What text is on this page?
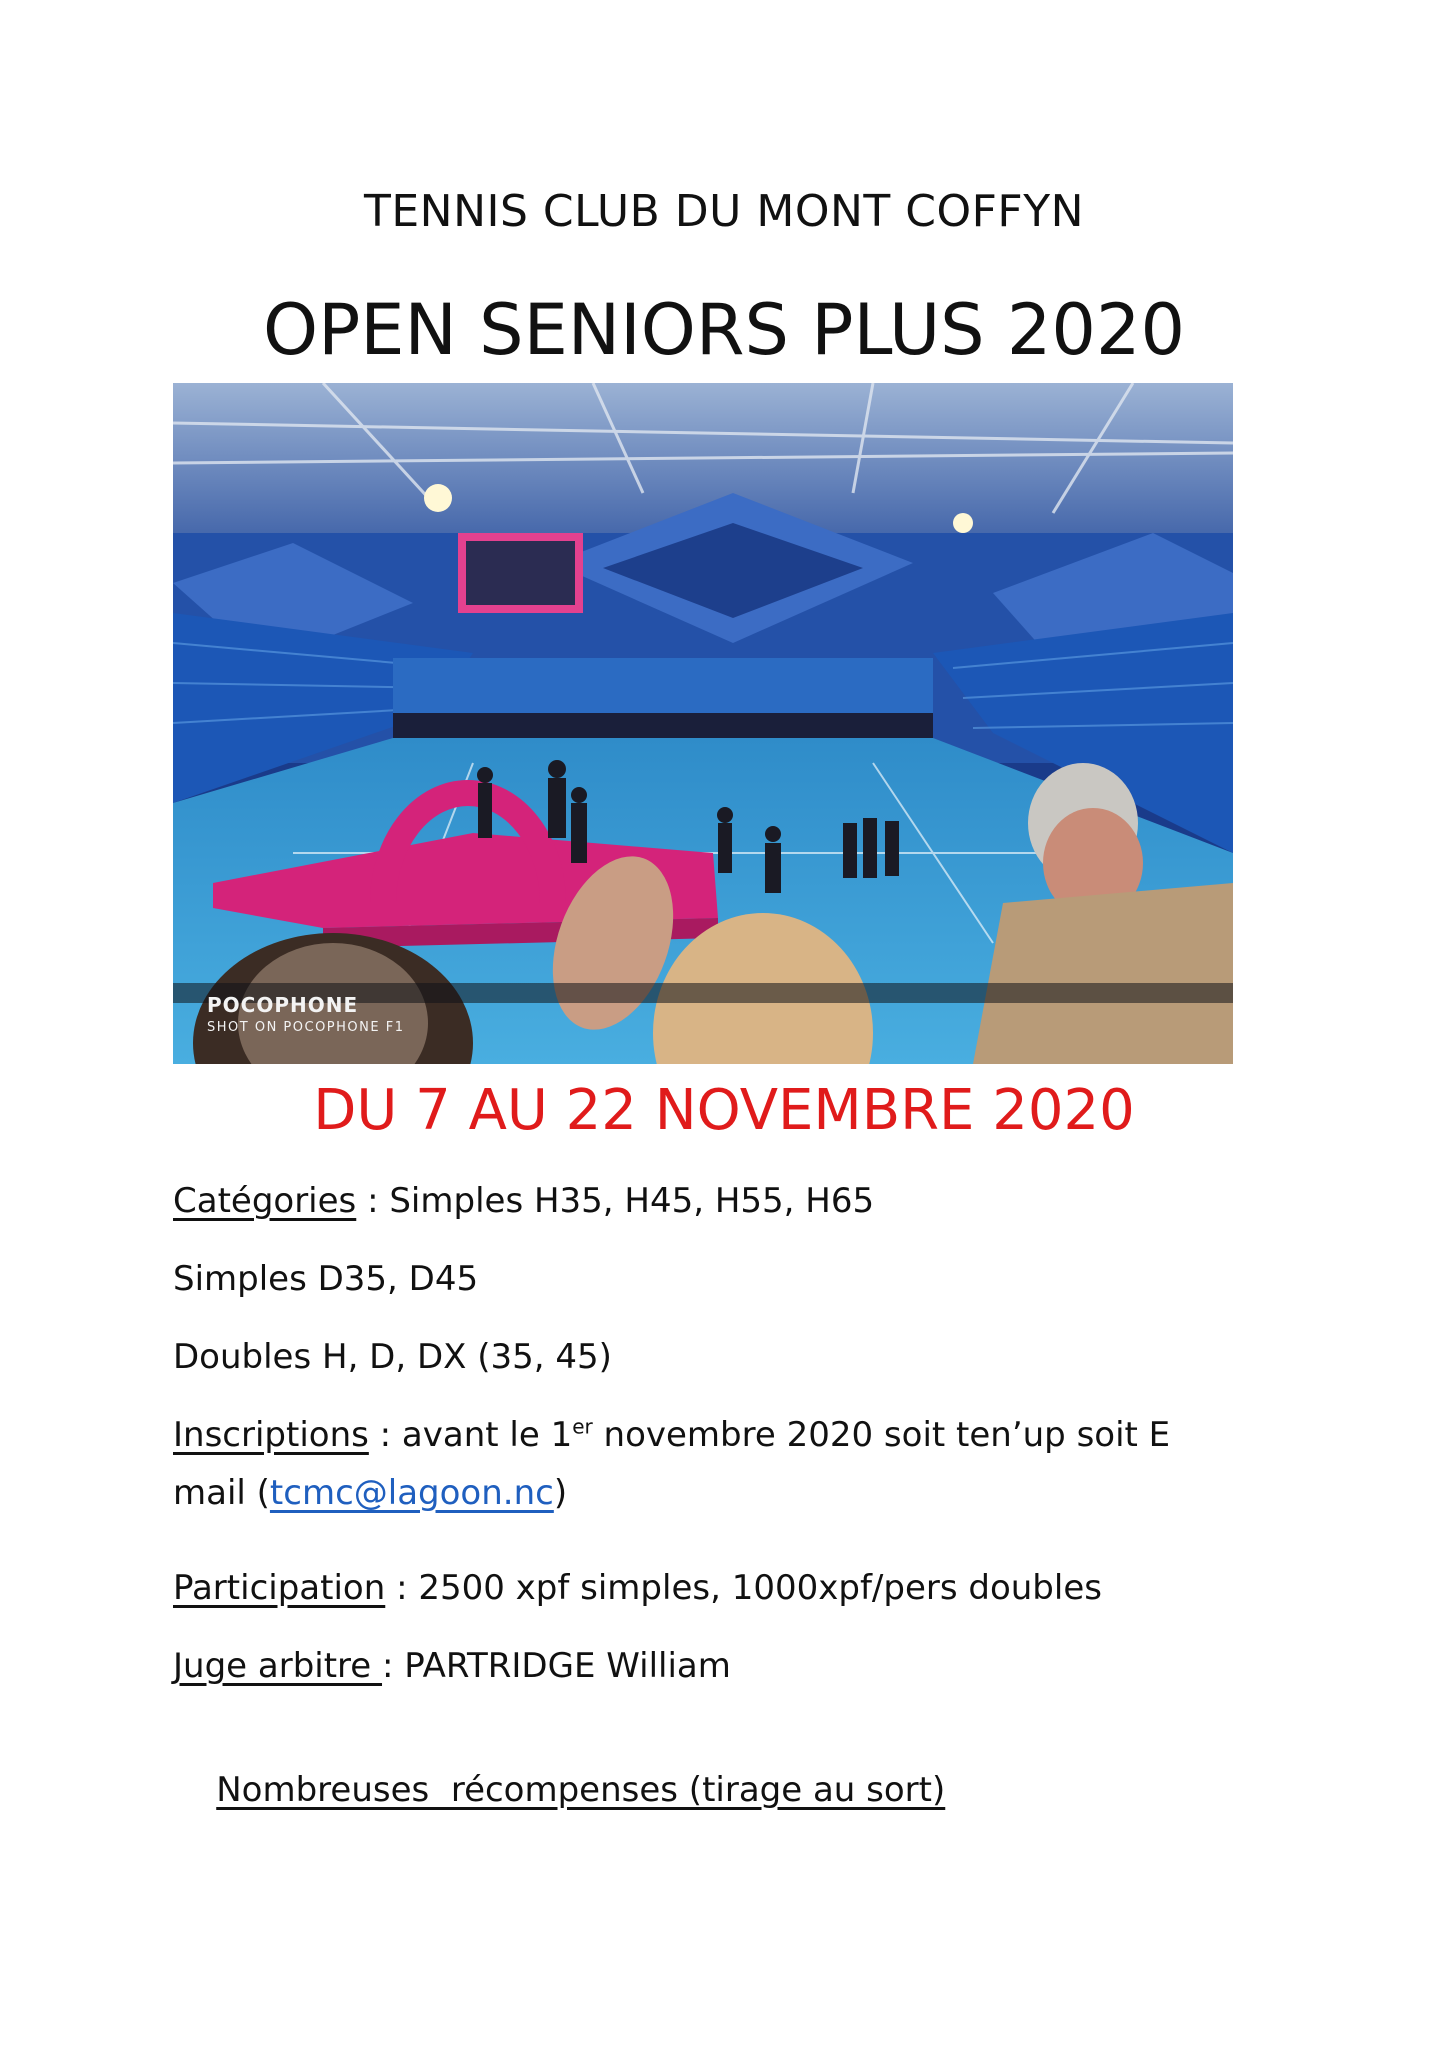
TENNIS CLUB DU MONT COFFYN
OPEN SENIORS PLUS 2020
POCOPHONE
SHOT ON POCOPHONE F1
DU 7 AU 22 NOVEMBRE 2020
Catégories : Simples H35, H45, H55, H65
Simples D35, D45
Doubles H, D, DX (35, 45)
Inscriptions : avant le 1er novembre 2020 soit ten’up soit E
mail (tcmc@lagoon.nc)
Participation : 2500 xpf simples, 1000xpf/pers doubles
Juge arbitre : PARTRIDGE William

Nombreuses  récompenses (tirage au sort)
